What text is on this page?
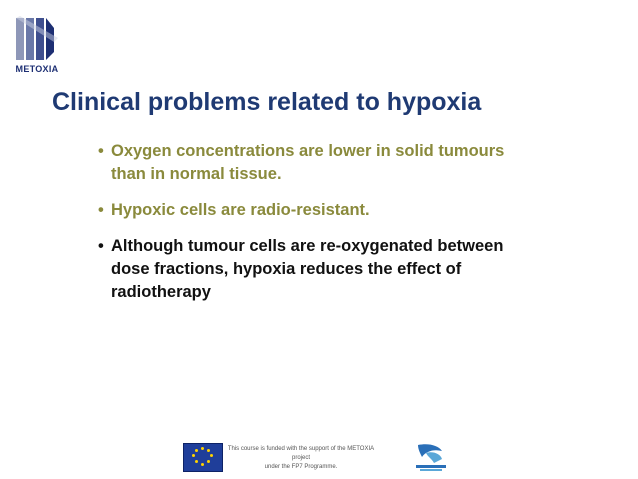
METOXIA
Clinical problems related to hypoxia
• Oxygen concentrations are lower in solid tumours than in normal tissue.
• Hypoxic cells are radio-resistant.
• Although tumour cells are re-oxygenated between dose fractions, hypoxia reduces the effect of radiotherapy
This course is funded with the support of the METOXIA project
under the FP7 Programme.
